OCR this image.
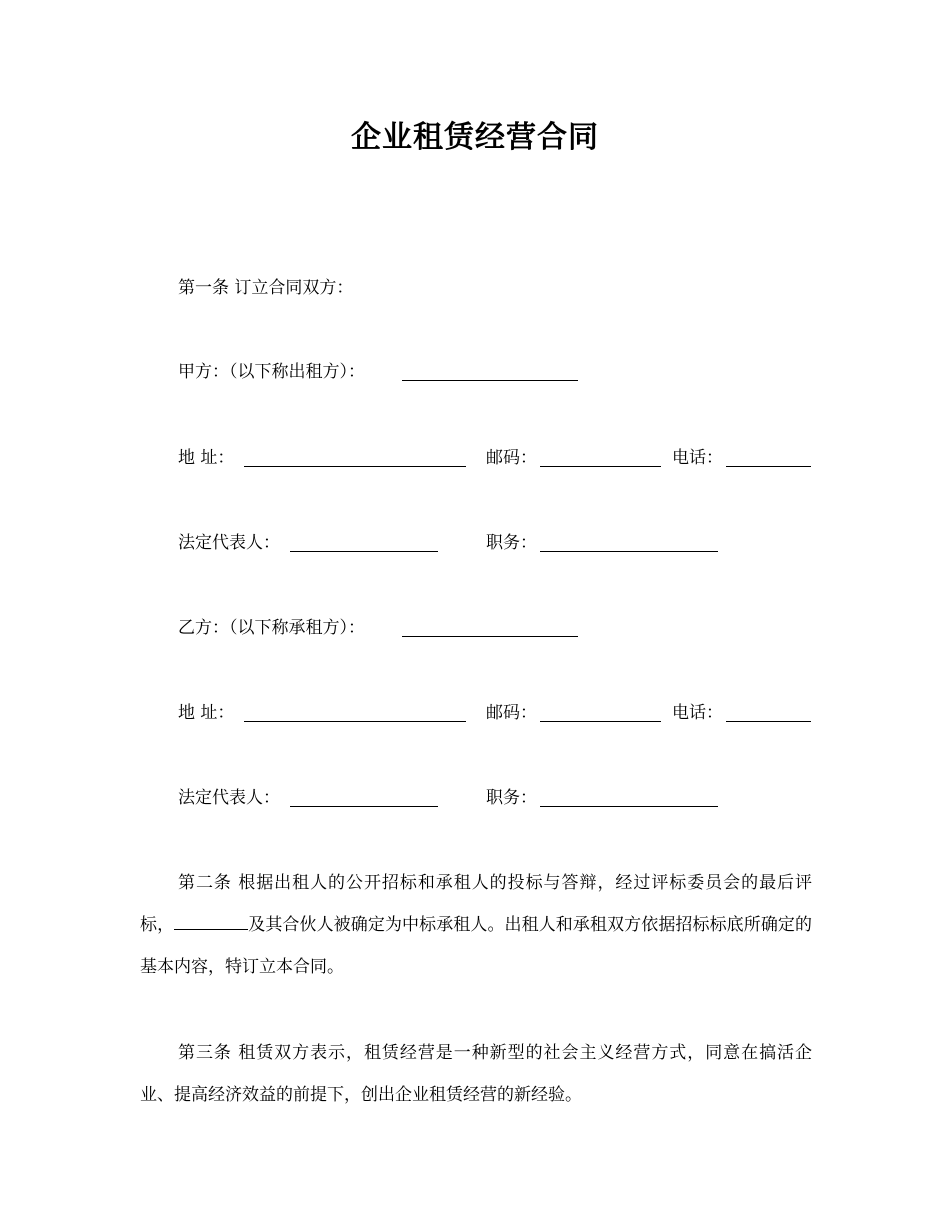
企业租赁经营合同
第一条 订立合同双方：
甲方：（以下称出租方）：
地 址：	邮码：	电话：
法定代表人：	职务：
乙方：（以下称承租方）：
地 址：	邮码：	电话：
法定代表人：	职务：
第二条 根据出租人的公开招标和承租人的投标与答辩，经过评标委员会的最后评标，	及其合伙人被确定为中标承租人。出租人和承租双方依据招标标底所确定的基本内容，特订立本合同。
第三条 租赁双方表示，租赁经营是一种新型的社会主义经营方式，同意在搞活企业、提高经济效益的前提下，创出企业租赁经营的新经验。
